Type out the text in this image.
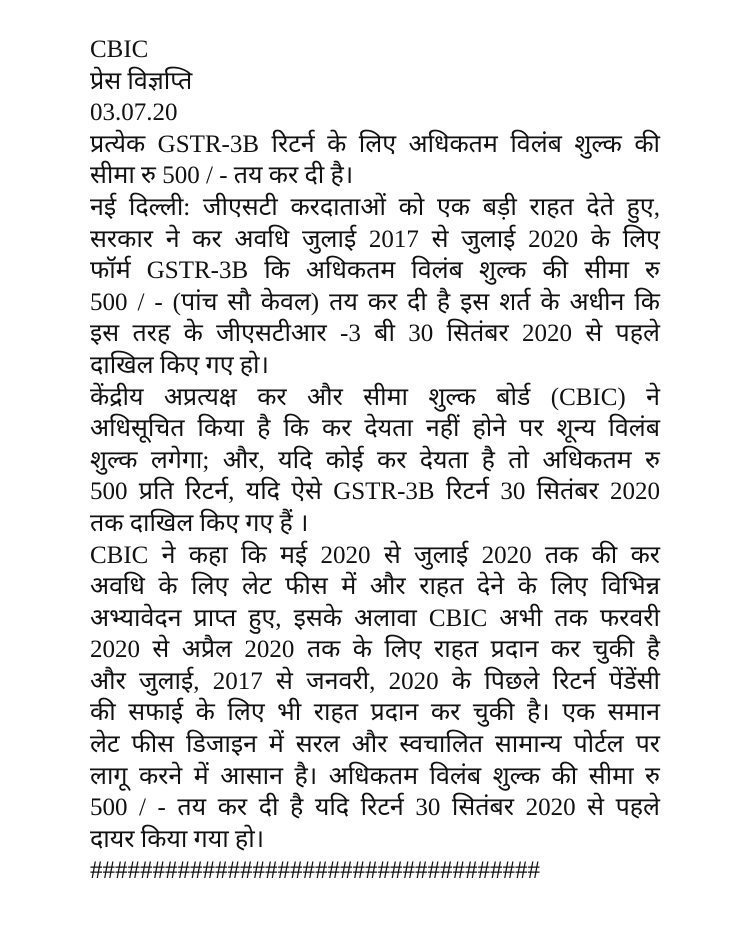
CBIC
प्रेस विज्ञप्ति
03.07.20
प्रत्येक GSTR-3B रिटर्न के लिए अधिकतम विलंब शुल्क की
सीमा रु 500 / - तय कर दी है।
नई दिल्ली: जीएसटी करदाताओं को एक बड़ी राहत देते हुए,
सरकार ने कर अवधि जुलाई 2017 से जुलाई 2020 के लिए
फॉर्म GSTR-3B कि अधिकतम विलंब शुल्क की सीमा रु
500 / - (पांच सौ केवल) तय कर दी है इस शर्त के अधीन कि
इस तरह के जीएसटीआर -3 बी 30 सितंबर 2020 से पहले
दाखिल किए गए हो।
केंद्रीय अप्रत्यक्ष कर और सीमा शुल्क बोर्ड (CBIC) ने
अधिसूचित किया है कि कर देयता नहीं होने पर शून्य विलंब
शुल्क लगेगा; और, यदि कोई कर देयता है तो अधिकतम रु
500 प्रति रिटर्न, यदि ऐसे GSTR-3B रिटर्न 30 सितंबर 2020
तक दाखिल किए गए हैं ।
CBIC ने कहा कि मई 2020 से जुलाई 2020 तक की कर
अवधि के लिए लेट फीस में और राहत देने के लिए विभिन्न
अभ्यावेदन प्राप्त हुए, इसके अलावा CBIC अभी तक फरवरी
2020 से अप्रैल 2020 तक के लिए राहत प्रदान कर चुकी है
और जुलाई, 2017 से जनवरी, 2020 के पिछले रिटर्न पेंडेंसी
की सफाई के लिए भी राहत प्रदान कर चुकी है। एक समान
लेट फीस डिजाइन में सरल और स्वचालित सामान्य पोर्टल पर
लागू करने में आसान है। अधिकतम विलंब शुल्क की सीमा रु
500 / - तय कर दी है यदि रिटर्न 30 सितंबर 2020 से पहले
दायर किया गया हो।
####################################
